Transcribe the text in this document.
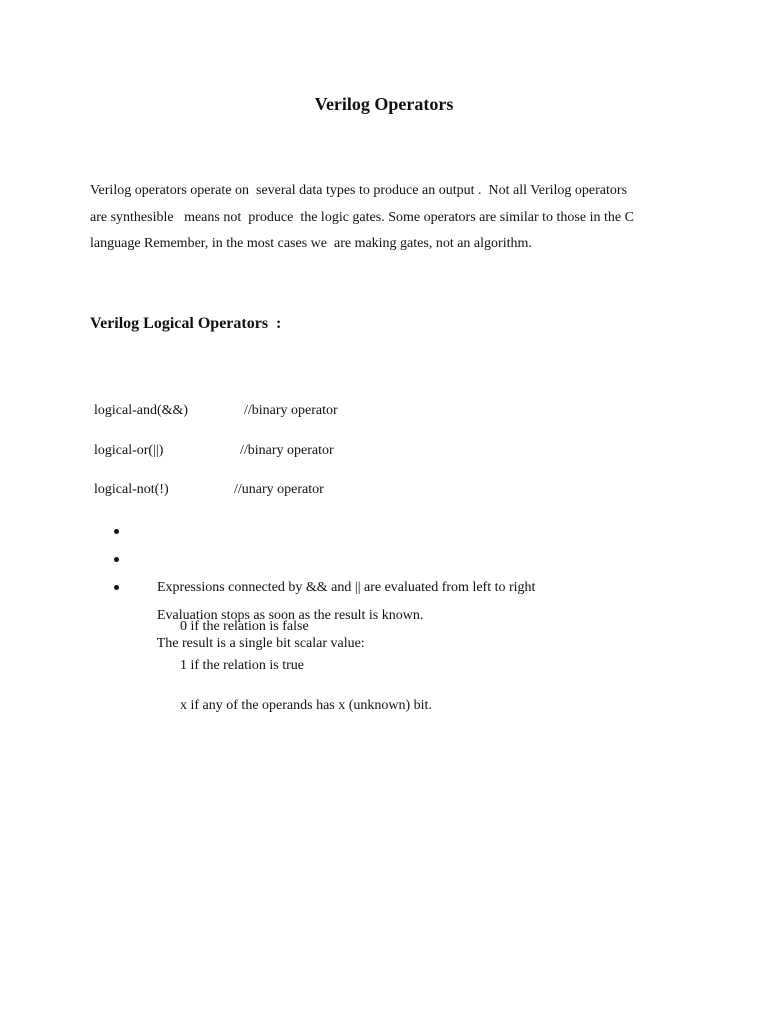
Verilog Operators

Verilog operators operate on  several data types to produce an output .  Not all Verilog operators
are synthesible   means not  produce  the logic gates. Some operators are similar to those in the C
language Remember, in the most cases we  are making gates, not an algorithm.

Verilog Logical Operators  :

logical-and(&&)

	//binary operator

logical-or(||)

	//binary operator

logical-not(!)

	//unary operator

Expressions connected by && and || are evaluated from left to right

Evaluation stops as soon as the result is known.

The result is a single bit scalar value:

0 if the relation is false
1 if the relation is true
x if any of the operands has x (unknown) bit.
